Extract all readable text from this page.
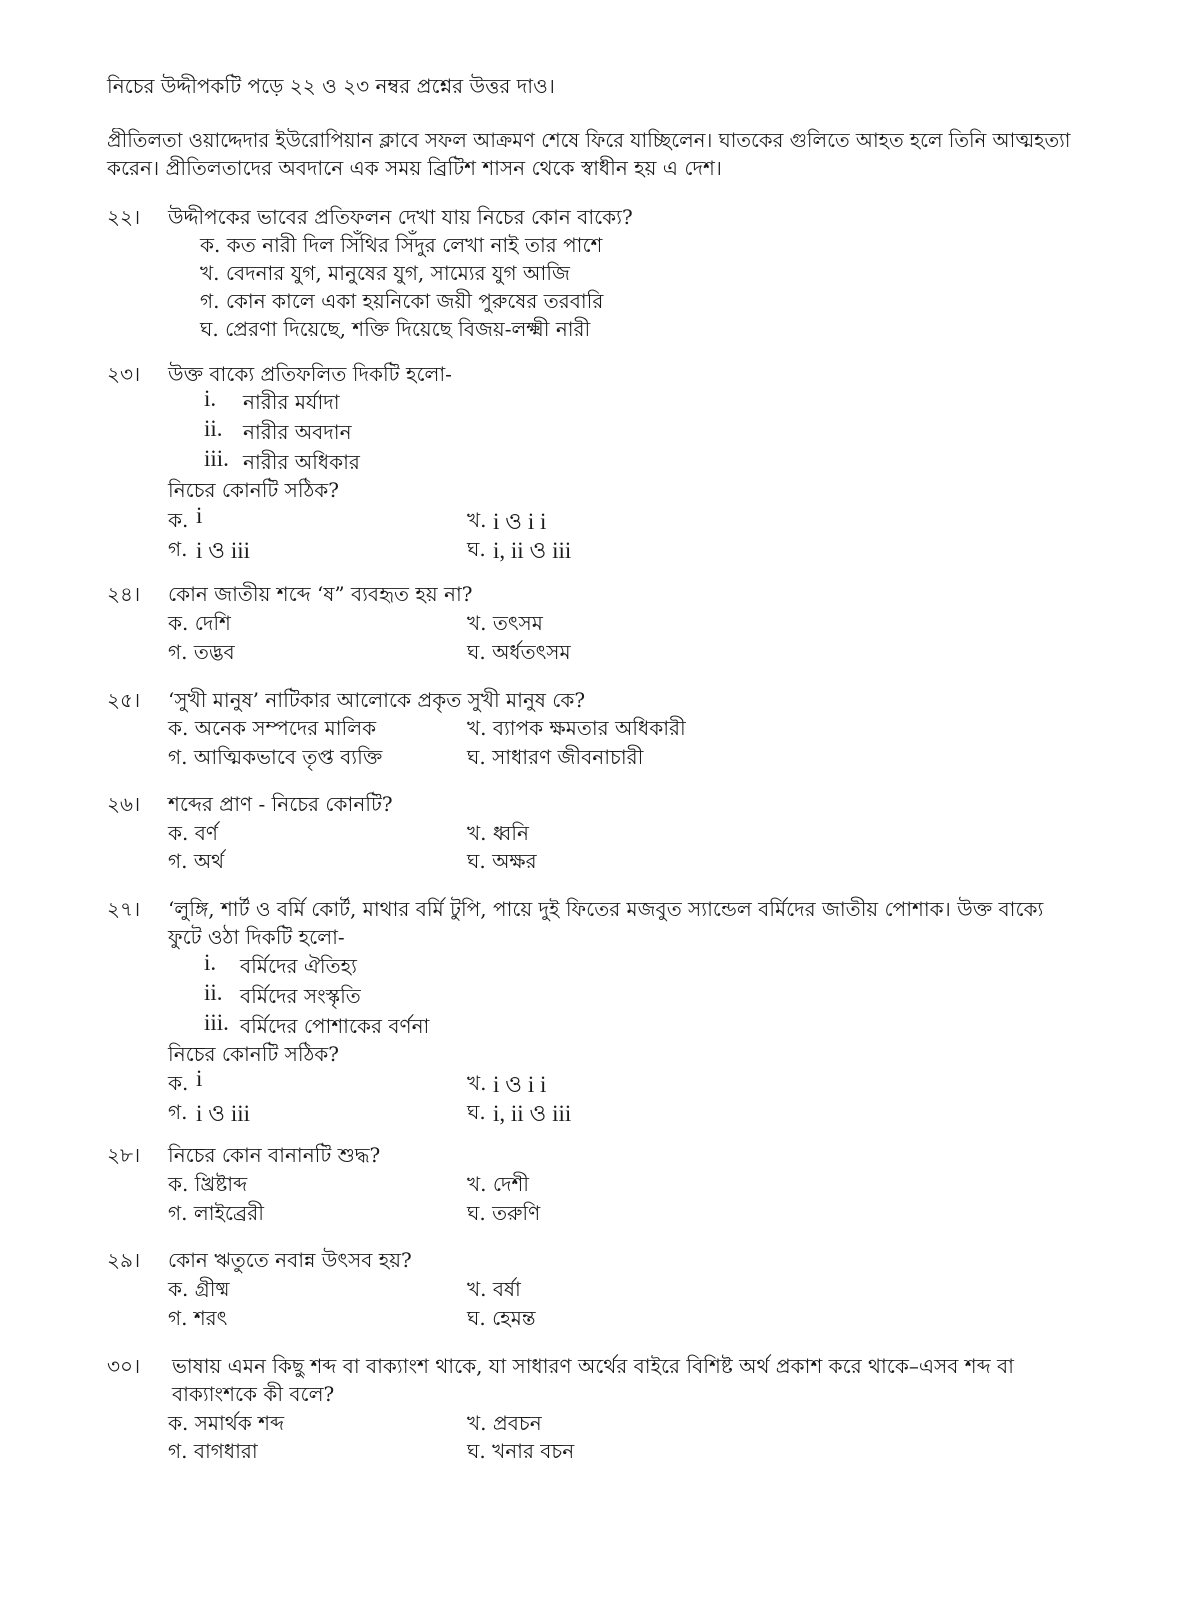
নিচের উদ্দীপকটি পড়ে ২২ ও ২৩ নম্বর প্রশ্নের উত্তর দাও।
প্রীতিলতা ওয়াদ্দেদার ইউরোপিয়ান ক্লাবে সফল আক্রমণ শেষে ফিরে যাচ্ছিলেন। ঘাতকের গুলিতে আহত হলে তিনি আত্মহত্যা
করেন। প্রীতিলতাদের অবদানে এক সময় ব্রিটিশ শাসন থেকে স্বাধীন হয় এ দেশ।
২২। উদ্দীপকের ভাবের প্রতিফলন দেখা যায় নিচের কোন বাক্যে?
ক. কত নারী দিল সিঁথির সিঁদুর লেখা নাই তার পাশে
খ. বেদনার যুগ, মানুষের যুগ, সাম্যের যুগ আজি
গ. কোন কালে একা হয়নিকো জয়ী পুরুষের তরবারি
ঘ. প্রেরণা দিয়েছে, শক্তি দিয়েছে বিজয়-লক্ষ্মী নারী
২৩। উক্ত বাক্যে প্রতিফলিত দিকটি হলো-
i. নারীর মর্যাদা
ii. নারীর অবদান
iii. নারীর অধিকার
নিচের কোনটি সঠিক?
ক. i	খ. i ও i i
গ. i ও iii	ঘ. i, ii ও iii
২৪। কোন জাতীয় শব্দে ‘ষ” ব্যবহৃত হয় না?
ক. দেশি	খ. তৎসম
গ. তদ্ভব	ঘ. অর্ধতৎসম
২৫। ‘সুখী মানুষ’ নাটিকার আলোকে প্রকৃত সুখী মানুষ কে?
ক. অনেক সম্পদের মালিক	খ. ব্যাপক ক্ষমতার অধিকারী
গ. আত্মিকভাবে তৃপ্ত ব্যক্তি	ঘ. সাধারণ জীবনাচারী
২৬। শব্দের প্রাণ - নিচের কোনটি?
ক. বর্ণ	খ. ধ্বনি
গ. অর্থ	ঘ. অক্ষর
২৭। ‘লুঙ্গি, শার্ট ও বর্মি কোর্ট, মাথার বর্মি টুপি, পায়ে দুই ফিতের মজবুত স্যান্ডেল বর্মিদের জাতীয় পোশাক। উক্ত বাক্যে
ফুটে ওঠা দিকটি হলো-
i. বর্মিদের ঐতিহ্য
ii. বর্মিদের সংস্কৃতি
iii. বর্মিদের পোশাকের বর্ণনা
নিচের কোনটি সঠিক?
ক. i	খ. i ও i i
গ. i ও iii	ঘ. i, ii ও iii
২৮। নিচের কোন বানানটি শুদ্ধ?
ক. খ্রিষ্টাব্দ	খ. দেশী
গ. লাইব্রেরী	ঘ. তরুণি
২৯। কোন ঋতুতে নবান্ন উৎসব হয়?
ক. গ্রীষ্ম	খ. বর্ষা
গ. শরৎ	ঘ. হেমন্ত
৩০। ভাষায় এমন কিছু শব্দ বা বাক্যাংশ থাকে, যা সাধারণ অর্থের বাইরে বিশিষ্ট অর্থ প্রকাশ করে থাকে–এসব শব্দ বা
বাক্যাংশকে কী বলে?
ক. সমার্থক শব্দ	খ. প্রবচন
গ. বাগধারা	ঘ. খনার বচন
